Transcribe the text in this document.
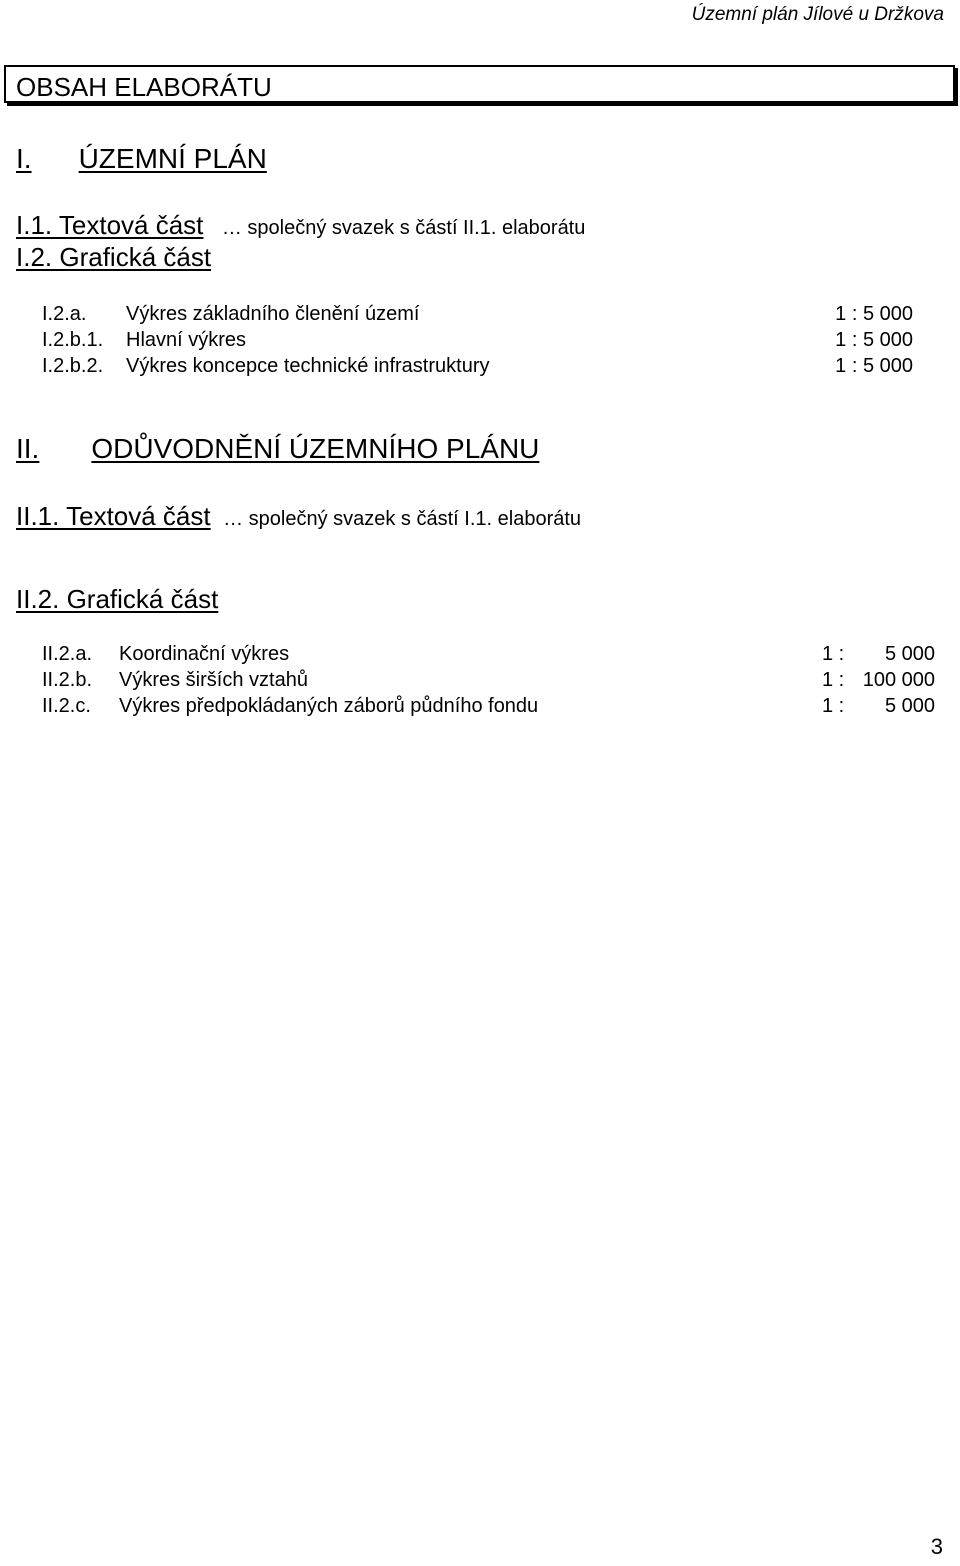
Územní plán Jílové u Držkova
OBSAH ELABORÁTU
I. ÚZEMNÍ PLÁN
I.1. Textová část … společný svazek s částí II.1. elaborátu
I.2. Grafická část
I.2.a. Výkres základního členění území	1 : 5 000
I.2.b.1. Hlavní výkres	1 : 5 000
I.2.b.2. Výkres koncepce technické infrastruktury	1 : 5 000
II. ODŮVODNĚNÍ ÚZEMNÍHO PLÁNU
II.1. Textová část … společný svazek s částí I.1. elaborátu
II.2. Grafická část
II.2.a. Koordinační výkres	1 : 5 000
II.2.b. Výkres širších vztahů	1 : 100 000
II.2.c. Výkres předpokládaných záborů půdního fondu	1 : 5 000
3
